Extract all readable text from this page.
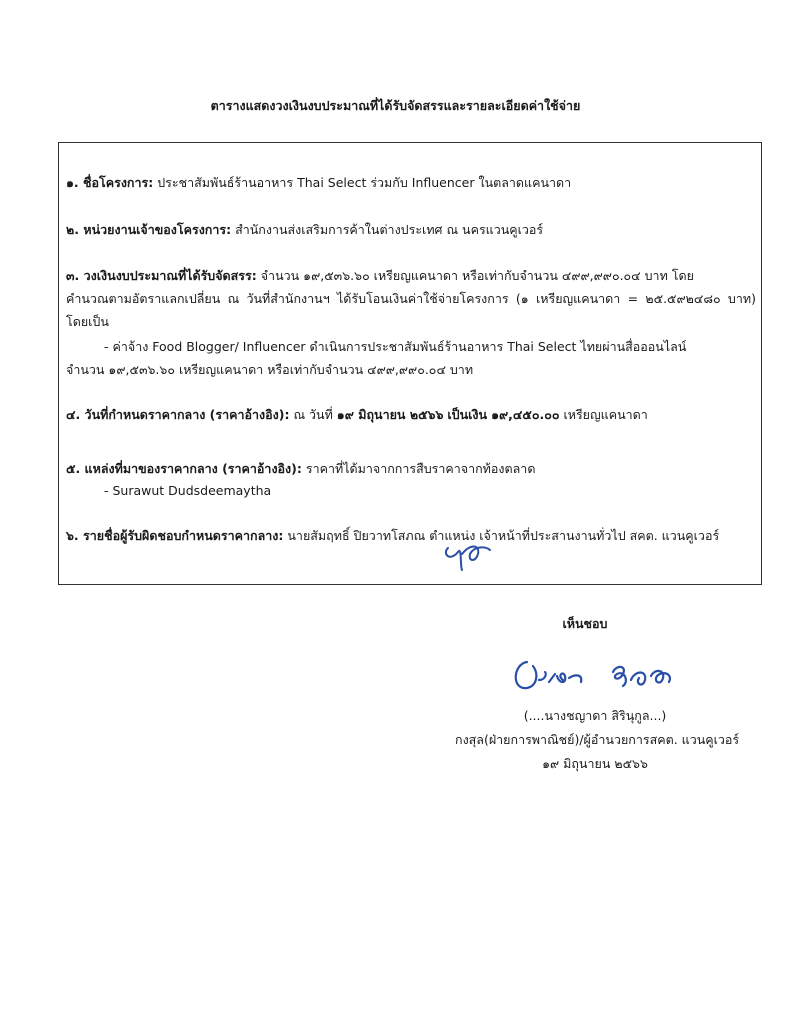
ตารางแสดงวงเงินงบประมาณที่ได้รับจัดสรรและรายละเอียดค่าใช้จ่าย
๑. ชื่อโครงการ: ประชาสัมพันธ์ร้านอาหาร Thai Select ร่วมกับ Influencer ในตลาดแคนาดา
๒. หน่วยงานเจ้าของโครงการ: สำนักงานส่งเสริมการค้าในต่างประเทศ ณ นครแวนคูเวอร์
๓. วงเงินงบประมาณที่ได้รับจัดสรร: จำนวน ๑๙,๕๓๖.๖๐ เหรียญแคนาดา หรือเท่ากับจำนวน ๔๙๙,๙๙๐.๐๔ บาท โดย
คำนวณตามอัตราแลกเปลี่ยน ณ วันที่สำนักงานฯ ได้รับโอนเงินค่าใช้จ่ายโครงการ (๑ เหรียญแคนาดา = ๒๕.๕๙๒๔๘๐ บาท)
โดยเป็น
- ค่าจ้าง Food Blogger/ Influencer ดำเนินการประชาสัมพันธ์ร้านอาหาร Thai Select ไทยผ่านสื่อออนไลน์
จำนวน ๑๙,๕๓๖.๖๐ เหรียญแคนาดา หรือเท่ากับจำนวน ๔๙๙,๙๙๐.๐๔ บาท
๔. วันที่กำหนดราคากลาง (ราคาอ้างอิง): ณ วันที่ ๑๙ มิถุนายน ๒๕๖๖ เป็นเงิน ๑๙,๔๕๐.๐๐ เหรียญแคนาดา
๕. แหล่งที่มาของราคากลาง (ราคาอ้างอิง): ราคาที่ได้มาจากการสืบราคาจากท้องตลาด
- Surawut Dudsdeemaytha
๖. รายชื่อผู้รับผิดชอบกำหนดราคากลาง: นายสัมฤทธิ์ ปิยวาทโสภณ ตำแหน่ง เจ้าหน้าที่ประสานงานทั่วไป สคต. แวนคูเวอร์
เห็นชอบ
(....นางชญาดา สิรินุกูล...)
กงสุล(ฝ่ายการพาณิชย์)/ผู้อำนวยการสคต. แวนคูเวอร์
๑๙ มิถุนายน ๒๕๖๖
